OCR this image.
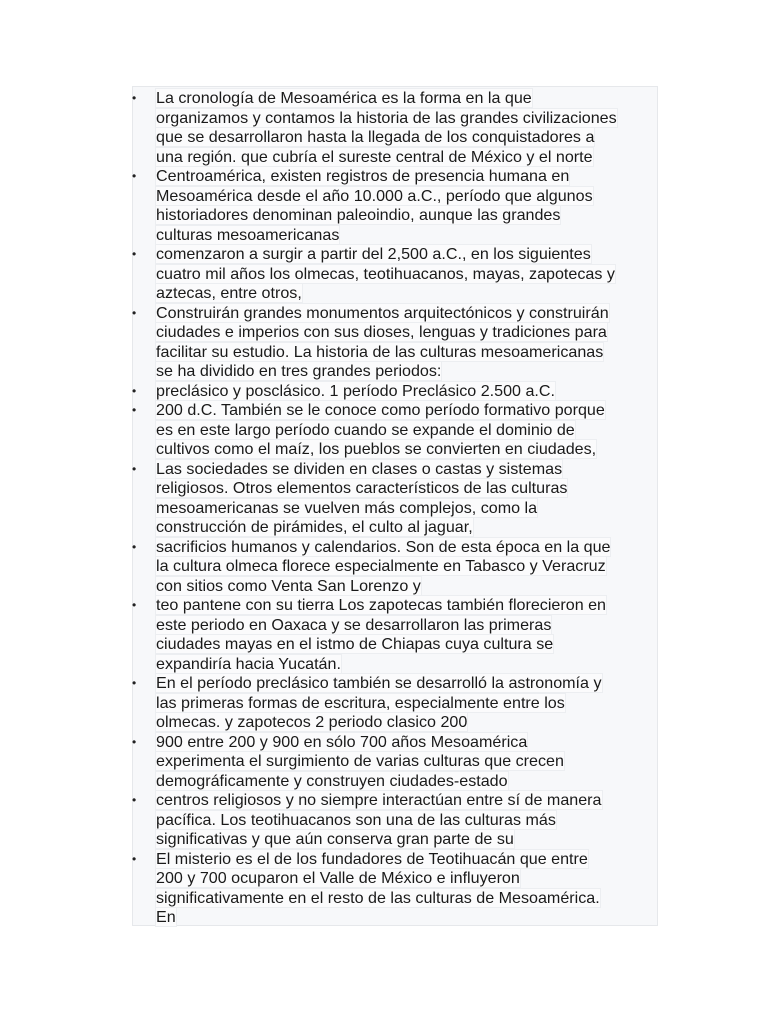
• La cronología de Mesoamérica es la forma en la que
organizamos y contamos la historia de las grandes civilizaciones
que se desarrollaron hasta la llegada de los conquistadores a
una región. que cubría el sureste central de México y el norte
• Centroamérica, existen registros de presencia humana en
Mesoamérica desde el año 10.000 a.C., período que algunos
historiadores denominan paleoindio, aunque las grandes
culturas mesoamericanas
• comenzaron a surgir a partir del 2,500 a.C., en los siguientes
cuatro mil años los olmecas, teotihuacanos, mayas, zapotecas y
aztecas, entre otros,
• Construirán grandes monumentos arquitectónicos y construirán
ciudades e imperios con sus dioses, lenguas y tradiciones para
facilitar su estudio. La historia de las culturas mesoamericanas
se ha dividido en tres grandes periodos:
• preclásico y posclásico. 1 período Preclásico 2.500 a.C.
• 200 d.C. También se le conoce como período formativo porque
es en este largo período cuando se expande el dominio de
cultivos como el maíz, los pueblos se convierten en ciudades,
• Las sociedades se dividen en clases o castas y sistemas
religiosos. Otros elementos característicos de las culturas
mesoamericanas se vuelven más complejos, como la
construcción de pirámides, el culto al jaguar,
• sacrificios humanos y calendarios. Son de esta época en la que
la cultura olmeca florece especialmente en Tabasco y Veracruz
con sitios como Venta San Lorenzo y
• teo pantene con su tierra Los zapotecas también florecieron en
este periodo en Oaxaca y se desarrollaron las primeras
ciudades mayas en el istmo de Chiapas cuya cultura se
expandiría hacia Yucatán.
• En el período preclásico también se desarrolló la astronomía y
las primeras formas de escritura, especialmente entre los
olmecas. y zapotecos 2 periodo clasico 200
• 900 entre 200 y 900 en sólo 700 años Mesoamérica
experimenta el surgimiento de varias culturas que crecen
demográficamente y construyen ciudades-estado
• centros religiosos y no siempre interactúan entre sí de manera
pacífica. Los teotihuacanos son una de las culturas más
significativas y que aún conserva gran parte de su
• El misterio es el de los fundadores de Teotihuacán que entre
200 y 700 ocuparon el Valle de México e influyeron
significativamente en el resto de las culturas de Mesoamérica.
En
